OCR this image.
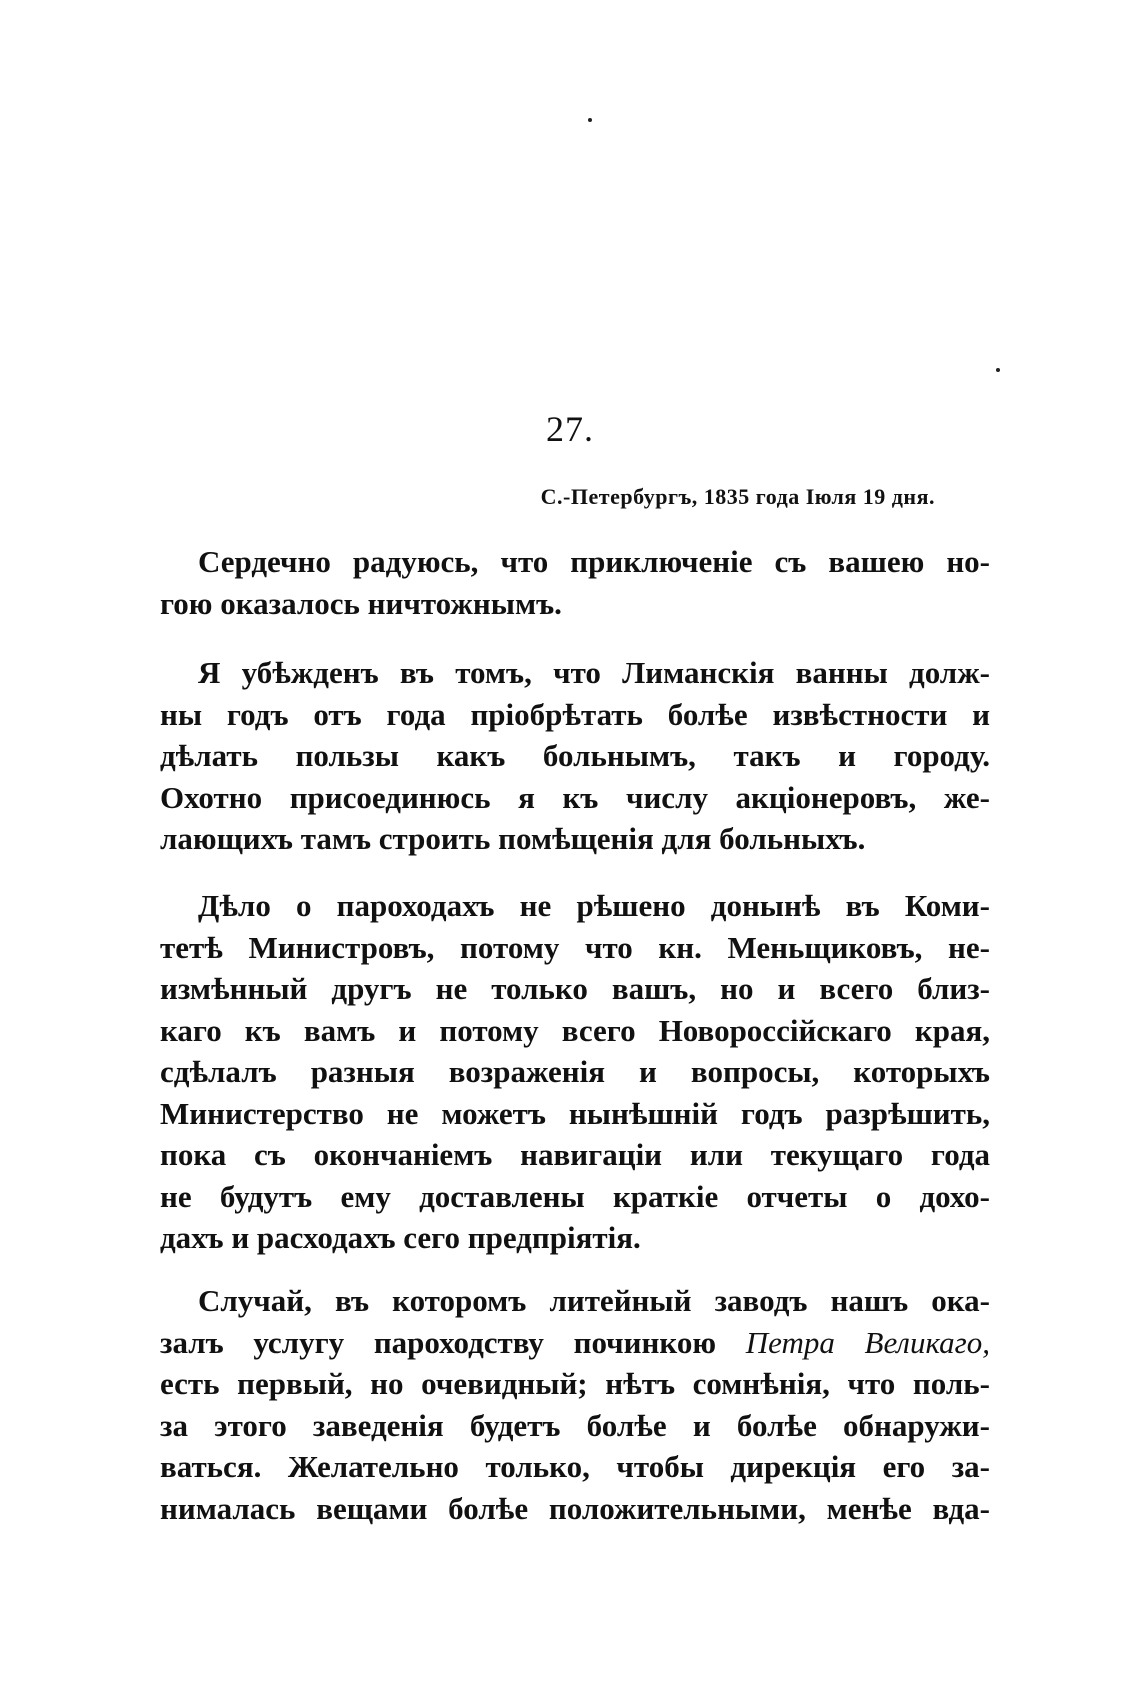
27.
С.-Петербургъ, 1835 года Іюля 19 дня.
Сердечно радуюсь, что приключеніе съ вашею но-
гою оказалось ничтожнымъ.
Я убѣжденъ въ томъ, что Лиманскія ванны долж-
ны годъ отъ года пріобрѣтать болѣе извѣстности и
дѣлать пользы какъ больнымъ, такъ и городу.
Охотно присоединюсь я къ числу акціонеровъ, же-
лающихъ тамъ строить помѣщенія для больныхъ.
Дѣло о пароходахъ не рѣшено донынѣ въ Коми-
тетѣ Министровъ, потому что кн. Меньщиковъ, не-
измѣнный другъ не только вашъ, но и всего близ-
каго къ вамъ и потому всего Новороссійскаго края,
сдѣлалъ разныя возраженія и вопросы, которыхъ
Министерство не можетъ нынѣшній годъ разрѣшить,
пока съ окончаніемъ навигаціи или текущаго года
не будутъ ему доставлены краткіе отчеты о дохо-
дахъ и расходахъ сего предпріятія.
Случай, въ которомъ литейный заводъ нашъ ока-
залъ услугу пароходству починкою Петра Великаго,
есть первый, но очевидный; нѣтъ сомнѣнія, что поль-
за этого заведенія будетъ болѣе и болѣе обнаружи-
ваться. Желательно только, чтобы дирекція его за-
нималась вещами болѣе положительными, менѣе вда-
